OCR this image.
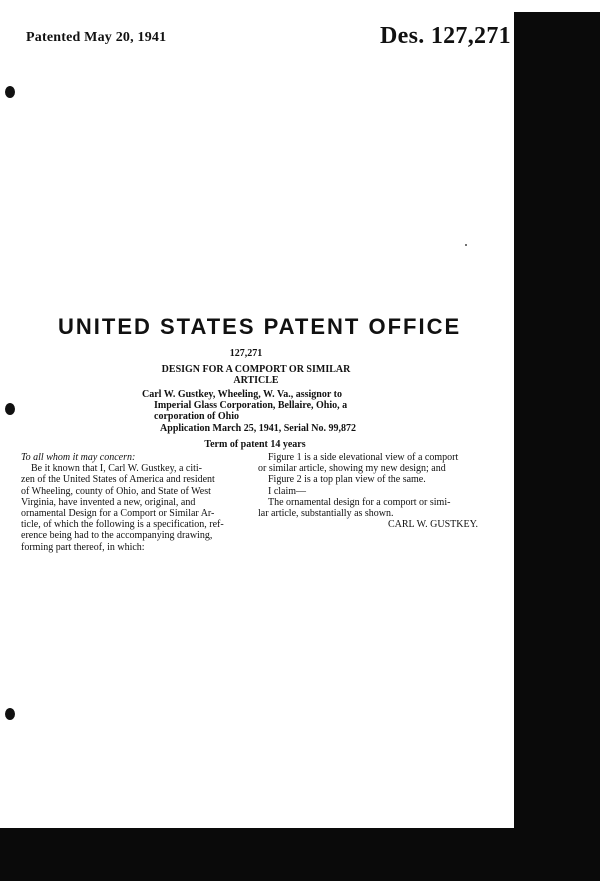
Patented May 20, 1941	Des. 127,271
UNITED STATES PATENT OFFICE
127,271
DESIGN FOR A COMPORT OR SIMILAR
ARTICLE
Carl W. Gustkey, Wheeling, W. Va., assignor to
Imperial Glass Corporation, Bellaire, Ohio, a
corporation of Ohio
Application March 25, 1941, Serial No. 99,872
Term of patent 14 years

To all whom it may concern:

Be it known that I, Carl W. Gustkey, a citi-

zen of the United States of America and resident

of Wheeling, county of Ohio, and State of West

Virginia, have invented a new, original, and

ornamental Design for a Comport or Similar Ar-

ticle, of which the following is a specification, ref-

erence being had to the accompanying drawing,

forming part thereof, in which:

Figure 1 is a side elevational view of a comport

or similar article, showing my new design; and

Figure 2 is a top plan view of the same.

I claim—

The ornamental design for a comport or simi-

lar article, substantially as shown.

CARL W. GUSTKEY.
